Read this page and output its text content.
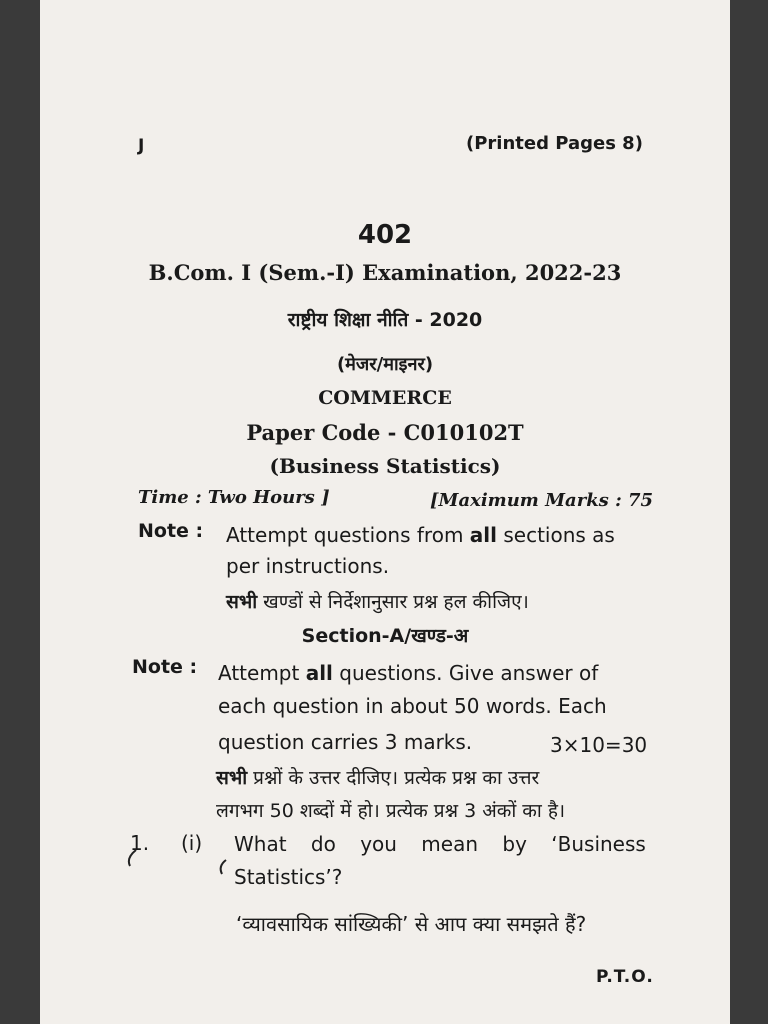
J	(Printed Pages 8)
402
B.Com. I (Sem.-I) Examination, 2022-23
राष्ट्रीय शिक्षा नीति - 2020
(मेजर/माइनर)
COMMERCE
Paper Code - C010102T
(Business Statistics)
Time : Two Hours ]	[Maximum Marks : 75
Note : Attempt questions from all sections as
per instructions.
सभी खण्डों से निर्देशानुसार प्रश्न हल कीजिए।
Section-A/खण्ड-अ
Note : Attempt all questions. Give answer of
each question in about 50 words. Each
question carries 3 marks.	3×10=30
सभी प्रश्नों के उत्तर दीजिए। प्रत्येक प्रश्न का उत्तर
लगभग 50 शब्दों में हो। प्रत्येक प्रश्न 3 अंकों का है।
1. (i) What do you mean by ‘Business
Statistics’?
‘व्यावसायिक सांख्यिकी’ से आप क्या समझते हैं?
P.T.O.
